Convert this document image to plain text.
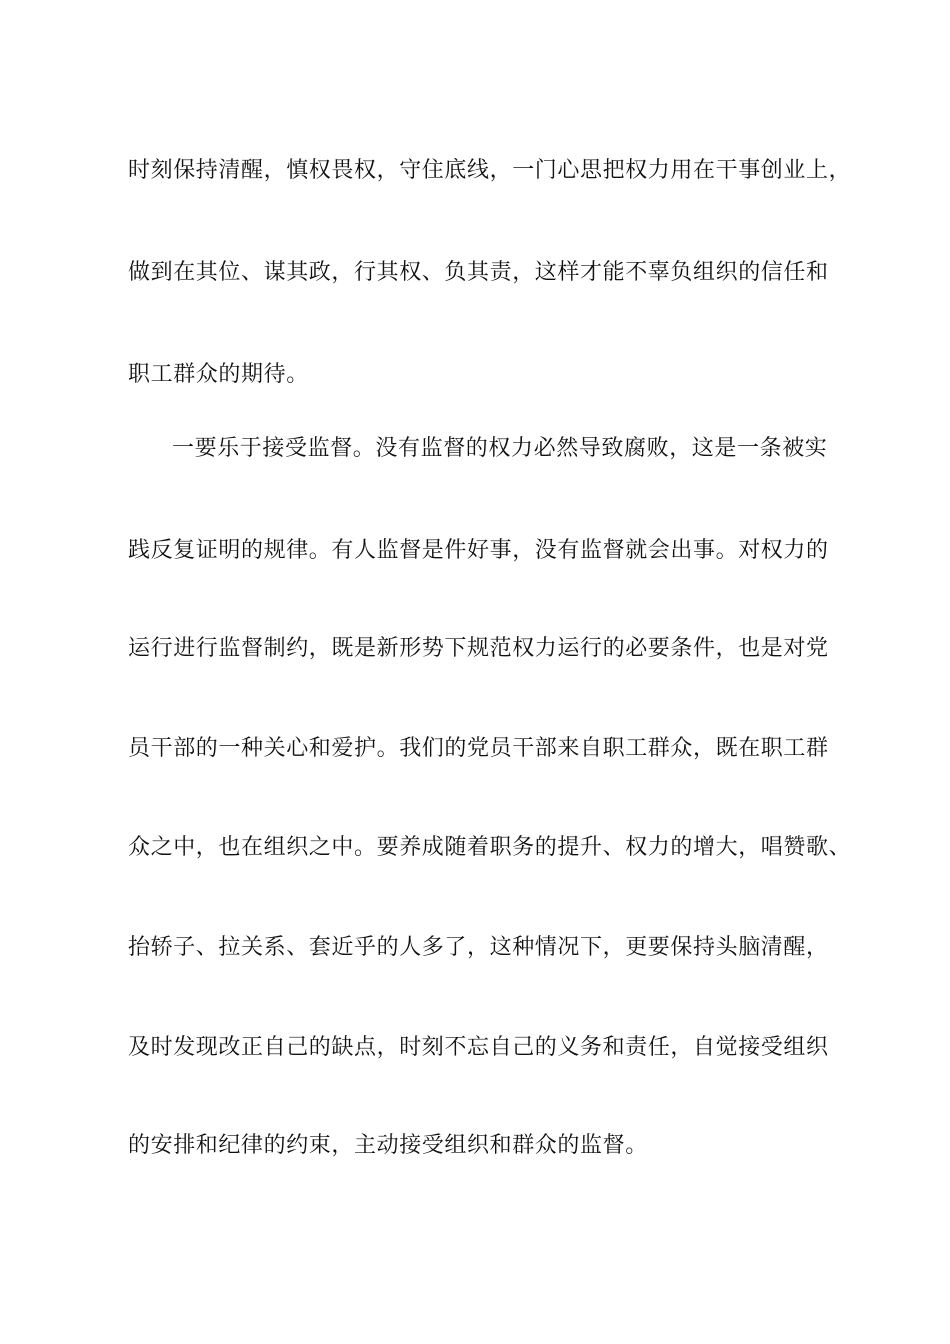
时刻保持清醒，慎权畏权，守住底线，一门心思把权力用在干事创业上，

做到在其位、谋其政，行其权、负其责，这样才能不辜负组织的信任和

职工群众的期待。

一要乐于接受监督。没有监督的权力必然导致腐败，这是一条被实

践反复证明的规律。有人监督是件好事，没有监督就会出事。对权力的

运行进行监督制约，既是新形势下规范权力运行的必要条件，也是对党

员干部的一种关心和爱护。我们的党员干部来自职工群众，既在职工群

众之中，也在组织之中。要养成随着职务的提升、权力的增大，唱赞歌、

抬轿子、拉关系、套近乎的人多了，这种情况下，更要保持头脑清醒，

及时发现改正自己的缺点，时刻不忘自己的义务和责任，自觉接受组织

的安排和纪律的约束，主动接受组织和群众的监督。
